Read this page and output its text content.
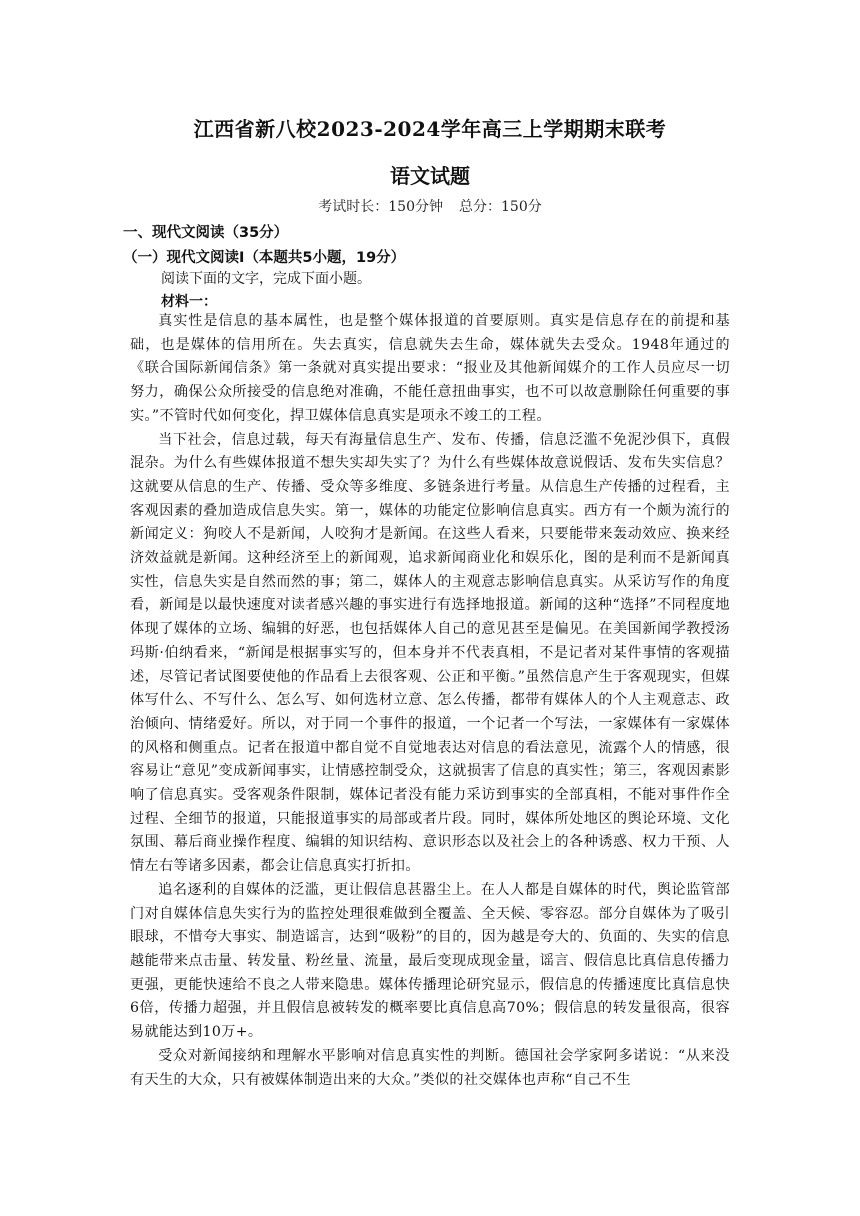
江西省新八校2023-2024学年高三上学期期末联考
语文试题
考试时长：150分钟 总分：150分
一、现代文阅读（35分）
（一）现代文阅读Ⅰ（本题共5小题，19分）
阅读下面的文字，完成下面小题。
材料一：

真实性是信息的基本属性，也是整个媒体报道的首要原则。真实是信息存在的前提和基础，也是媒体的信用所在。失去真实，信息就失去生命，媒体就失去受众。1948年通过的《联合国际新闻信条》第一条就对真实提出要求：“报业及其他新闻媒介的工作人员应尽一切努力，确保公众所接受的信息绝对准确，不能任意扭曲事实，也不可以故意删除任何重要的事实。”不管时代如何变化，捍卫媒体信息真实是项永不竣工的工程。

当下社会，信息过载，每天有海量信息生产、发布、传播，信息泛滥不免泥沙俱下，真假混杂。为什么有些媒体报道不想失实却失实了？为什么有些媒体故意说假话、发布失实信息？这就要从信息的生产、传播、受众等多维度、多链条进行考量。从信息生产传播的过程看，主客观因素的叠加造成信息失实。第一，媒体的功能定位影响信息真实。西方有一个颇为流行的新闻定义：狗咬人不是新闻，人咬狗才是新闻。在这些人看来，只要能带来轰动效应、换来经济效益就是新闻。这种经济至上的新闻观，追求新闻商业化和娱乐化，图的是利而不是新闻真实性，信息失实是自然而然的事；第二，媒体人的主观意志影响信息真实。从采访写作的角度看，新闻是以最快速度对读者感兴趣的事实进行有选择地报道。新闻的这种“选择”不同程度地体现了媒体的立场、编辑的好恶，也包括媒体人自己的意见甚至是偏见。在美国新闻学教授汤玛斯·伯纳看来，“新闻是根据事实写的，但本身并不代表真相，不是记者对某件事情的客观描述，尽管记者试图要使他的作品看上去很客观、公正和平衡。”虽然信息产生于客观现实，但媒体写什么、不写什么、怎么写、如何选材立意、怎么传播，都带有媒体人的个人主观意志、政治倾向、情绪爱好。所以，对于同一个事件的报道，一个记者一个写法，一家媒体有一家媒体的风格和侧重点。记者在报道中都自觉不自觉地表达对信息的看法意见，流露个人的情感，很容易让“意见”变成新闻事实，让情感控制受众，这就损害了信息的真实性；第三，客观因素影响了信息真实。受客观条件限制，媒体记者没有能力采访到事实的全部真相，不能对事件作全过程、全细节的报道，只能报道事实的局部或者片段。同时，媒体所处地区的舆论环境、文化氛围、幕后商业操作程度、编辑的知识结构、意识形态以及社会上的各种诱惑、权力干预、人情左右等诸多因素，都会让信息真实打折扣。

追名逐利的自媒体的泛滥，更让假信息甚嚣尘上。在人人都是自媒体的时代，舆论监管部门对自媒体信息失实行为的监控处理很难做到全覆盖、全天候、零容忍。部分自媒体为了吸引眼球，不惜夸大事实、制造谣言，达到“吸粉”的目的，因为越是夸大的、负面的、失实的信息越能带来点击量、转发量、粉丝量、流量，最后变现成现金量，谣言、假信息比真信息传播力更强，更能快速给不良之人带来隐患。媒体传播理论研究显示，假信息的传播速度比真信息快6倍，传播力超强，并且假信息被转发的概率要比真信息高70%；假信息的转发量很高，很容易就能达到10万+。

受众对新闻接纳和理解水平影响对信息真实性的判断。德国社会学家阿多诺说：“从来没有天生的大众，只有被媒体制造出来的大众。”类似的社交媒体也声称“自己不生
